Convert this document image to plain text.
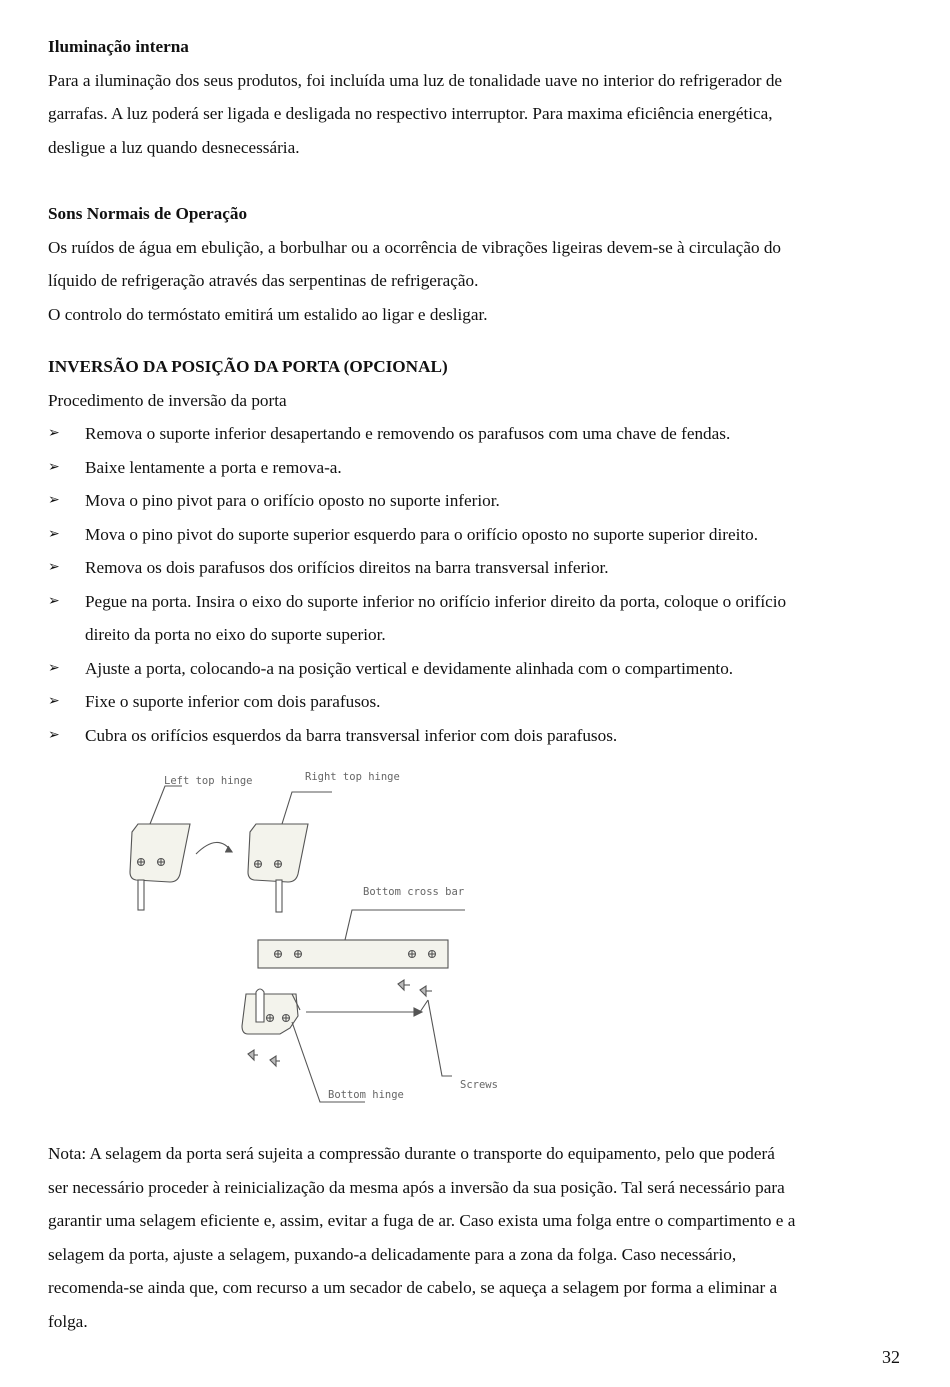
Iluminação interna
Para a iluminação dos seus produtos, foi incluída uma luz de tonalidade uave no interior do refrigerador de
garrafas. A luz poderá ser ligada e desligada no respectivo interruptor. Para maxima eficiência energética,
desligue a luz quando desnecessária.
Sons Normais de Operação
Os ruídos de água em ebulição, a borbulhar ou a ocorrência de vibrações ligeiras devem-se à circulação do
líquido de refrigeração através das serpentinas de refrigeração.
O controlo do termóstato emitirá um estalido ao ligar e desligar.
INVERSÃO DA POSIÇÃO DA PORTA (OPCIONAL)
Procedimento de inversão da porta
➢ Remova o suporte inferior desapertando e removendo os parafusos com uma chave de fendas.
➢ Baixe lentamente a porta e remova-a.
➢ Mova o pino pivot para o orifício oposto no suporte inferior.
➢ Mova o pino pivot do suporte superior esquerdo para o orifício oposto no suporte superior direito.
➢ Remova os dois parafusos dos orifícios direitos na barra transversal inferior.
➢ Pegue na porta. Insira o eixo do suporte inferior no orifício inferior direito da porta, coloque o orifício
direito da porta no eixo do suporte superior.
➢ Ajuste a porta, colocando-a na posição vertical e devidamente alinhada com o compartimento.
➢ Fixe o suporte inferior com dois parafusos.
➢ Cubra os orifícios esquerdos da barra transversal inferior com dois parafusos.
Left top hinge	Right top hinge
Bottom cross bar
Screws
Bottom hinge

Nota: A selagem da porta será sujeita a compressão durante o transporte do equipamento, pelo que poderá

ser necessário proceder à reinicialização da mesma após a inversão da sua posição. Tal será necessário para

garantir uma selagem eficiente e, assim, evitar a fuga de ar. Caso exista uma folga entre o compartimento e a

selagem da porta, ajuste a selagem, puxando-a delicadamente para a zona da folga. Caso necessário,

recomenda-se ainda que, com recurso a um secador de cabelo, se aqueça a selagem por forma a eliminar a

folga.

32
